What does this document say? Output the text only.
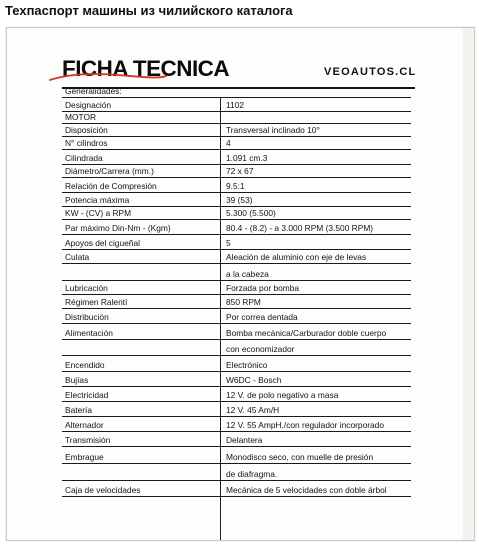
Техпаспорт машины из чилийского каталога
FICHA TECNICA	VEOAUTOS.CL
Generalidades:
Designación	1102
MOTOR
Disposición	Transversal inclinado 10°
N° cilindros	4
Cilindrada	1.091 cm.3
Diámetro/Carrera (mm.)	72 x 67
Relación de Compresión	9.5:1
Potencia máxima	39 (53)
KW - (CV) a RPM	5.300 (5.500)
Par máximo Din-Nm - (Kgm)	80.4 - (8.2) - a 3.000 RPM (3.500 RPM)
Apoyos del cigueñal	5
Culata	Aleación de aluminio con eje de levas
a la cabeza
Lubricación	Forzada por bomba
Régimen Ralentí	850 RPM
Distribución	Por correa dentada
Alimentación	Bomba mecánica/Carburador doble cuerpo
con economizador
Encendido	Electrónico
Bujías	W6DC - Bosch
Electricidad	12 V. de polo negativo a masa
Batería	12 V. 45 Am/H
Alternador	12 V. 55 AmpH./con regulador incorporado
Transmisión	Delantera
Embrague	Monodisco seco, con muelle de presión
de diafragma.
Caja de velocidades	Mecánica de 5 velocidades con doble árbol
